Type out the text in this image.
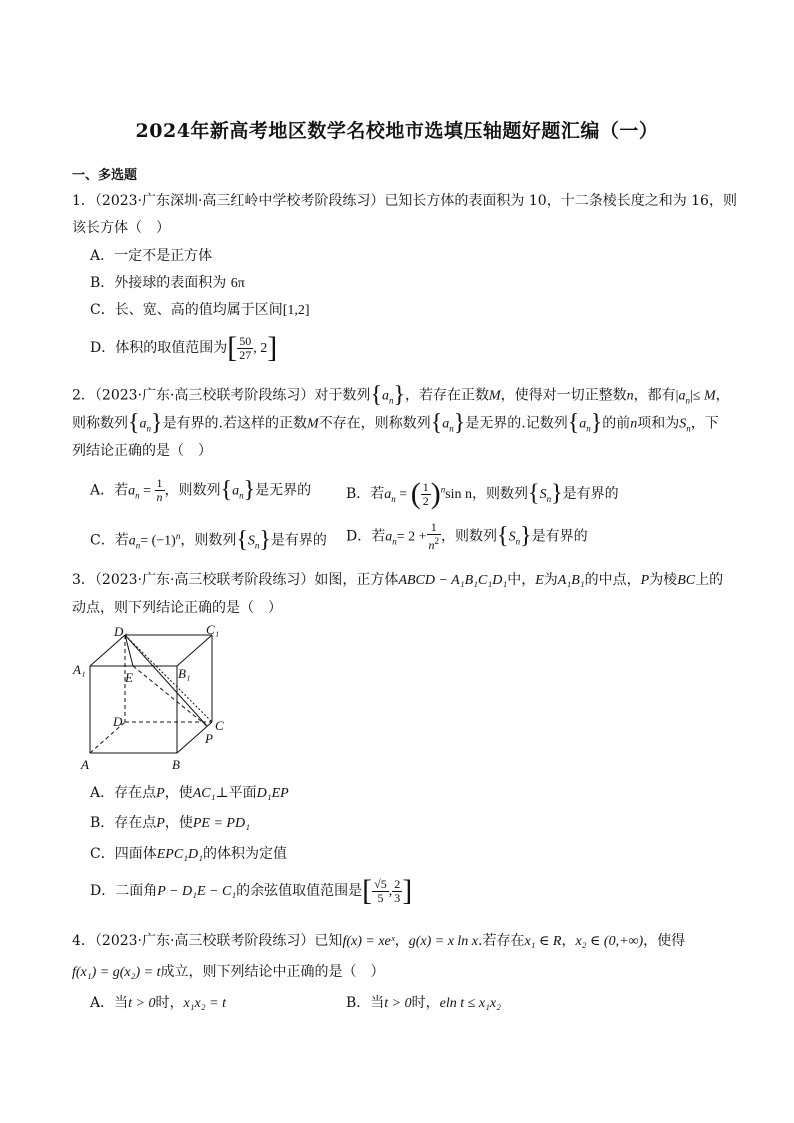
2024年新高考地区数学名校地市选填压轴题好题汇编（一）
一、多选题
1．（2023·广东深圳·高三红岭中学校考阶段练习）已知长方体的表面积为 10，十二条棱长度之和为 16，则
该长方体（　）
A．一定不是正方体
B．外接球的表面积为 6π
C．长、宽、高的值均属于区间[1,2]
D．体积的取值范围为[ $\frac{50}{27}$ , 2]
2．（2023·广东·高三校联考阶段练习）对于数列$\{a_n\}$，若存在正数M，使得对一切正整数n，都有$|a_n|\le M$，
则称数列$\{a_n\}$是有界的.若这样的正数M不存在，则称数列$\{a_n\}$是无界的.记数列$\{a_n\}$的前n项和为$S_n$，下
列结论正确的是（　）
A．若$a_n = \frac{1}{n}$ ，则数列$\{a_n\}$是无界的 B．若$a_n$ = ( $\frac{1}{2} )^n\sin$ n，则数列$\{S_n\}$是有界的
C．若$a_n= (-1)^n$，则数列$\{S_n\}$是有界的 D．若$a_n= 2 + \frac{1}{n^2}$ ，则数列$\{S_n\}$是有界的
3．（2023·广东·高三校联考阶段练习）如图，正方体ABCD − A₁B₁C₁D₁中，E为A₁B₁的中点，P为棱BC上的
动点，则下列结论正确的是（　）
D₁	C₁
A₁	B₁
E
D	C
P
A	B
A．存在点P，使AC₁⊥平面D₁EP
B．存在点P，使PE = PD₁
C．四面体EPC₁D₁的体积为定值
D．二面角P − D₁E − C₁的余弦值取值范围是[ $\frac{√5}{5}$ , $\frac{2}{3}$ ]
4．（2023·广东·高三校联考阶段练习）已知f(x) = xeˣ，g(x) = x ln x.若存在x₁ ∈ R，x₂ ∈ (0,+∞)，使得
f(x₁) = g(x₂) = t成立，则下列结论中正确的是（　）
A．当t > 0时，x₁x₂ = t	B．当t > 0时，eln t ≤ x₁x₂
